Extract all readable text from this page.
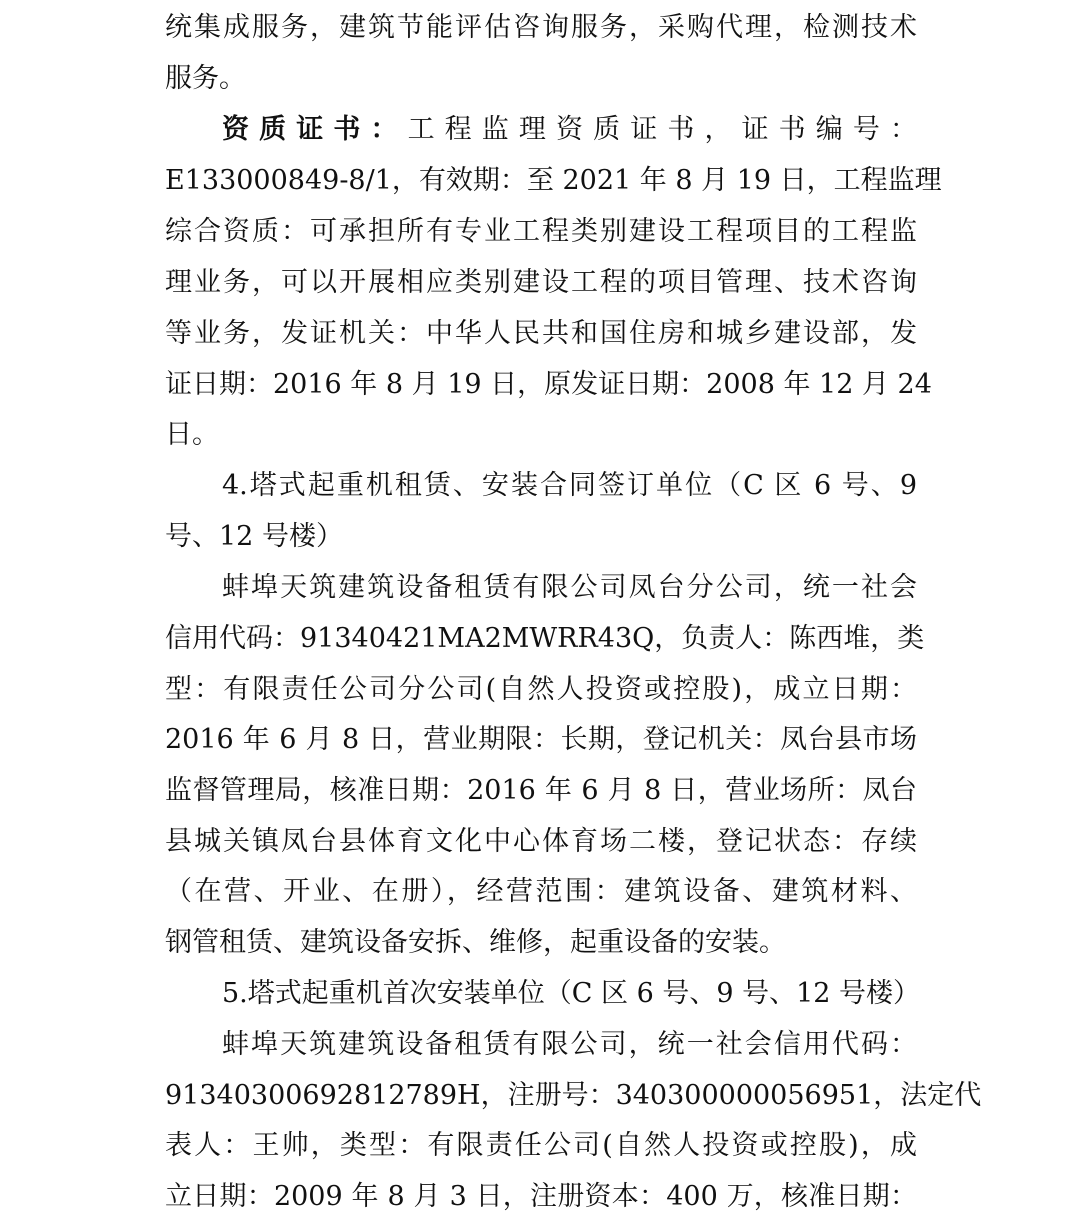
统集成服务，建筑节能评估咨询服务，采购代理，检测技术
服务。
资质证书：工程监理资质证书，证书编号：
E133000849-8/1，有效期：至 2021 年 8 月 19 日，工程监理
综合资质：可承担所有专业工程类别建设工程项目的工程监
理业务，可以开展相应类别建设工程的项目管理、技术咨询
等业务，发证机关：中华人民共和国住房和城乡建设部，发
证日期：2016 年 8 月 19 日，原发证日期：2008 年 12 月 24
日。
4.塔式起重机租赁、安装合同签订单位（C 区 6 号、9
号、12 号楼）
蚌埠天筑建筑设备租赁有限公司凤台分公司，统一社会
信用代码：91340421MA2MWRR43Q，负责人：陈西堆，类
型：有限责任公司分公司(自然人投资或控股)，成立日期：
2016 年 6 月 8 日，营业期限：长期，登记机关：凤台县市场
监督管理局，核准日期：2016 年 6 月 8 日，营业场所：凤台
县城关镇凤台县体育文化中心体育场二楼，登记状态：存续
（在营、开业、在册），经营范围：建筑设备、建筑材料、
钢管租赁、建筑设备安拆、维修，起重设备的安装。
5.塔式起重机首次安装单位（C 区 6 号、9 号、12 号楼）
蚌埠天筑建筑设备租赁有限公司，统一社会信用代码：
91340300692812789H，注册号：340300000056951，法定代
表人：王帅，类型：有限责任公司(自然人投资或控股)，成
立日期：2009 年 8 月 3 日，注册资本：400 万，核准日期：
